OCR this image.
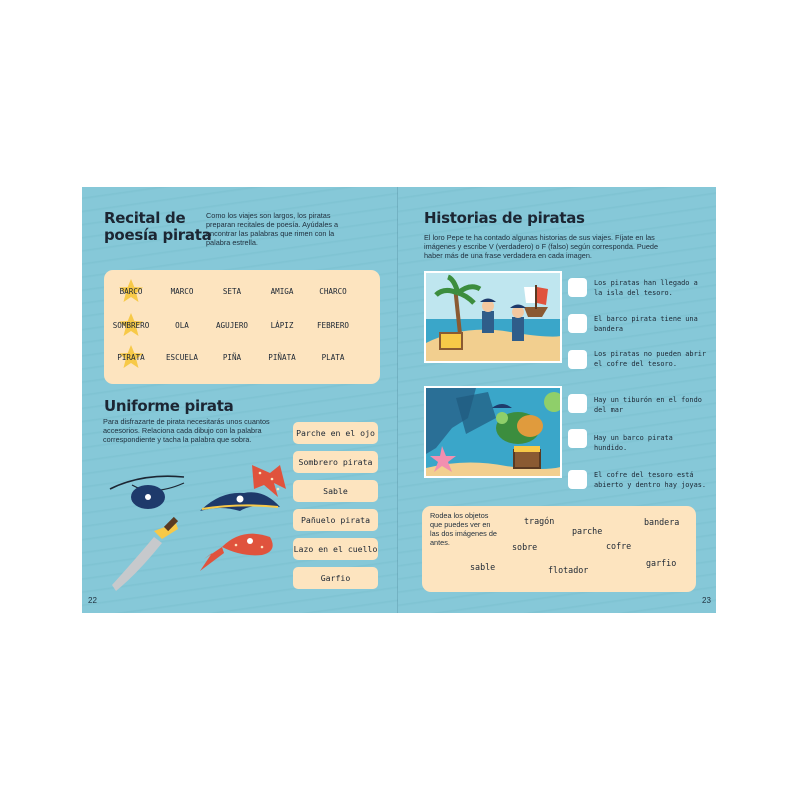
Recital de
poesía pirata
Como los viajes son largos, los piratas preparan recitales de poesía. Ayúdales a encontrar las palabras que rimen con la palabra estrella.
BARCO	MARCO	SETA	AMIGA	CHARCO
SOMBRERO	OLA	AGUJERO	LÁPIZ	FEBRERO
PIRATA	ESCUELA	PIÑA	PIÑATA	PLATA
Uniforme pirata
Para disfrazarte de pirata necesitarás unos cuantos accesorios. Relaciona cada dibujo con la palabra correspondiente y tacha la palabra que sobra.
Parche en el ojo
Sombrero pirata
Sable
Pañuelo pirata
Lazo en el cuello
Garfio
22
Historias de piratas
El loro Pepe te ha contado algunas historias de sus viajes. Fíjate en las imágenes y escribe V (verdadero) o F (falso) según corresponda. Puede haber más de una frase verdadera en cada imagen.
Los piratas han llegado a la isla del tesoro.
El barco pirata tiene una bandera
Los piratas no pueden abrir el cofre del tesoro.
Hay un tiburón en el fondo del mar
Hay un barco pirata hundido.
El cofre del tesoro está abierto y dentro hay joyas.
Rodea los objetos que puedes ver en las dos imágenes de antes.
tragón	bandera
parche
sobre	cofre
garfio
sable	flotador
23
